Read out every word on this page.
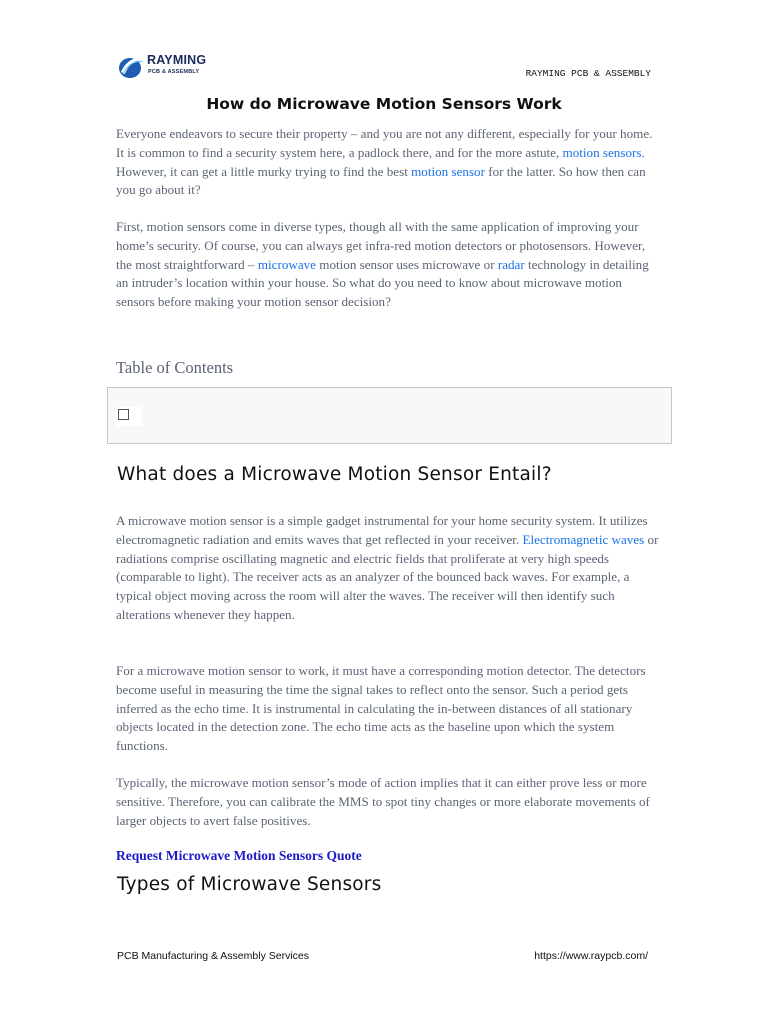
RAYMING
PCB & ASSEMBLY	RAYMING PCB & ASSEMBLY
How do Microwave Motion Sensors Work

Everyone endeavors to secure their property – and you are not any different, especially for your home. It is common to find a security system here, a padlock there, and for the more astute, motion sensors. However, it can get a little murky trying to find the best motion sensor for the latter. So how then can you go about it?

First, motion sensors come in diverse types, though all with the same application of improving your home’s security. Of course, you can always get infra-red motion detectors or photosensors. However, the most straightforward – microwave motion sensor uses microwave or radar technology in detailing an intruder’s location within your house. So what do you need to know about microwave motion sensors before making your motion sensor decision?

Table of Contents
What does a Microwave Motion Sensor Entail?

A microwave motion sensor is a simple gadget instrumental for your home security system. It utilizes electromagnetic radiation and emits waves that get reflected in your receiver. Electromagnetic waves or radiations comprise oscillating magnetic and electric fields that proliferate at very high speeds (comparable to light). The receiver acts as an analyzer of the bounced back waves. For example, a typical object moving across the room will alter the waves. The receiver will then identify such alterations whenever they happen.

For a microwave motion sensor to work, it must have a corresponding motion detector. The detectors become useful in measuring the time the signal takes to reflect onto the sensor. Such a period gets inferred as the echo time. It is instrumental in calculating the in-between distances of all stationary objects located in the detection zone. The echo time acts as the baseline upon which the system functions.

Typically, the microwave motion sensor’s mode of action implies that it can either prove less or more sensitive. Therefore, you can calibrate the MMS to spot tiny changes or more elaborate movements of larger objects to avert false positives.

Request Microwave Motion Sensors Quote
Types of Microwave Sensors
PCB Manufacturing & Assembly Services	https://www.raypcb.com/
